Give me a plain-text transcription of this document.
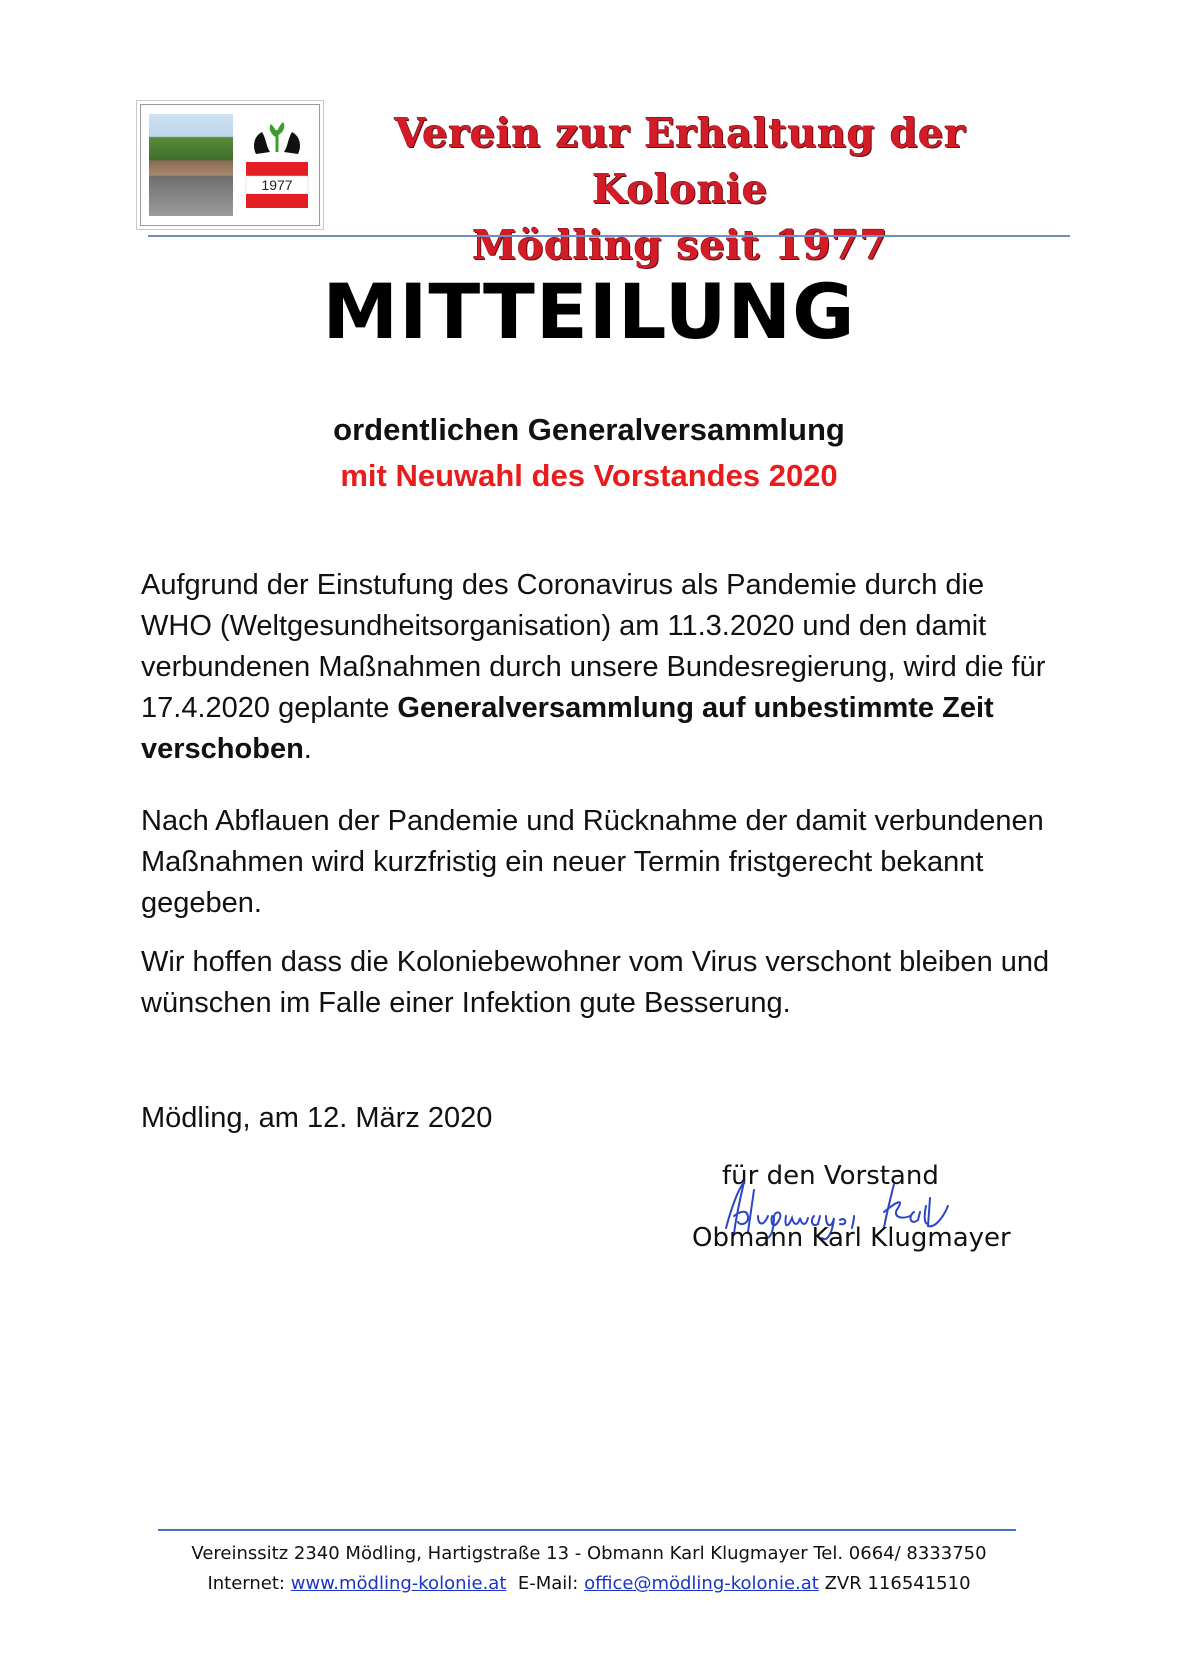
1977
Verein zur Erhaltung der Kolonie
Mödling seit 1977
MITTEILUNG
ordentlichen Generalversammlung
mit Neuwahl des Vorstandes 2020
Aufgrund der Einstufung des Coronavirus als Pandemie durch die WHO (Weltgesundheitsorganisation) am 11.3.2020 und den damit verbundenen Maßnahmen durch unsere Bundesregierung, wird die für 17.4.2020 geplante Generalversammlung auf unbestimmte Zeit verschoben.
Nach Abflauen der Pandemie und Rücknahme der damit verbundenen Maßnahmen wird kurzfristig ein neuer Termin fristgerecht bekannt gegeben.
Wir hoffen dass die Koloniebewohner vom Virus verschont bleiben und wünschen im Falle einer Infektion gute Besserung.
Mödling, am 12. März 2020
für den Vorstand
Obmann Karl Klugmayer
Vereinssitz 2340 Mödling, Hartigstraße 13 - Obmann Karl Klugmayer Tel. 0664/ 8333750
Internet: www.mödling-kolonie.at E-Mail: office@mödling-kolonie.at ZVR 116541510
